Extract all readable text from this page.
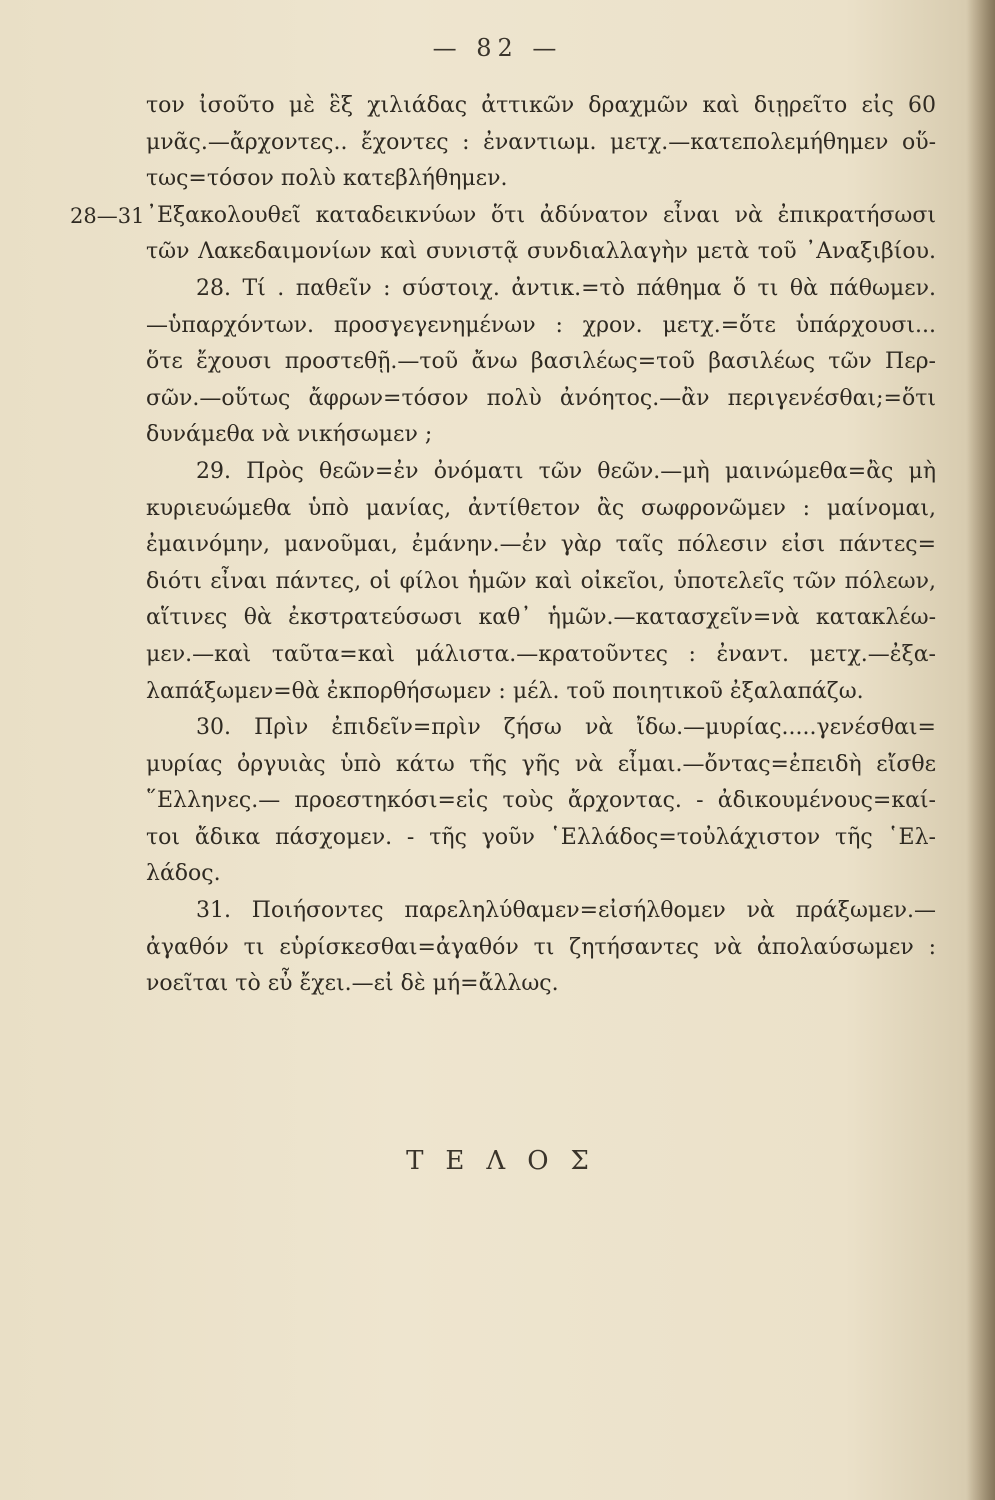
— 82 —
τον ἰσοῦτο μὲ ἓξ χιλιάδας ἀττικῶν δραχμῶν καὶ διῃρεῖτο εἰς 60
μνᾶς.—ἄρχοντες.. ἔχοντες : ἐναντιωμ. μετχ.—κατεπολεμήθημεν οὕ-
τως=τόσον πολὺ κατεβλήθημεν.
28—31 ᾿Εξακολουθεῖ καταδεικνύων ὅτι ἀδύνατον εἶναι νὰ ἐπικρατήσωσι
τῶν Λακεδαιμονίων καὶ συνιστᾷ συνδιαλλαγὴν μετὰ τοῦ ᾿Αναξιβίου.
28. Τί . παθεῖν : σύστοιχ. ἀντικ.=τὸ πάθημα ὅ τι θὰ πάθωμεν.
—ὑπαρχόντων. προσγεγενημένων : χρον. μετχ.=ὅτε ὑπάρχουσι...
ὅτε ἔχουσι προστεθῇ.—τοῦ ἄνω βασιλέως=τοῦ βασιλέως τῶν Περ-
σῶν.—οὕτως ἄφρων=τόσον πολὺ ἀνόητος.—ἂν περιγενέσθαι;=ὅτι
δυνάμεθα νὰ νικήσωμεν ;
29. Πρὸς θεῶν=ἐν ὀνόματι τῶν θεῶν.—μὴ μαινώμεθα=ἂς μὴ
κυριευώμεθα ὑπὸ μανίας, ἀντίθετον ἂς σωφρονῶμεν : μαίνομαι,
ἐμαινόμην, μανοῦμαι, ἐμάνην.—ἐν γὰρ ταῖς πόλεσιν εἰσι πάντες=
διότι εἶναι πάντες, οἱ φίλοι ἡμῶν καὶ οἰκεῖοι, ὑποτελεῖς τῶν πόλεων,
αἵτινες θὰ ἐκστρατεύσωσι καθ᾿ ἡμῶν.—κατασχεῖν=νὰ κατακλέω-
μεν.—καὶ ταῦτα=καὶ μάλιστα.—κρατοῦντες : ἐναντ. μετχ.—ἐξα-
λαπάξωμεν=θὰ ἐκπορθήσωμεν : μέλ. τοῦ ποιητικοῦ ἐξαλαπάζω.
30. Πρὶν ἐπιδεῖν=πρὶν ζήσω νὰ ἴδω.—μυρίας.....γενέσθαι=
μυρίας ὀργυιὰς ὑπὸ κάτω τῆς γῆς νὰ εἶμαι.—ὄντας=ἐπειδὴ εἴσθε
῞Ελληνες.— προεστηκόσι=εἰς τοὺς ἄρχοντας. - ἀδικουμένους=καί-
τοι ἄδικα πάσχομεν. - τῆς γοῦν ῾Ελλάδος=τοὐλάχιστον τῆς ῾Ελ-
λάδος.
31. Ποιήσοντες παρεληλύθαμεν=εἰσήλθομεν νὰ πράξωμεν.—
ἀγαθόν τι εὑρίσκεσθαι=ἀγαθόν τι ζητήσαντες νὰ ἀπολαύσωμεν :
νοεῖται τὸ εὖ ἔχει.—εἰ δὲ μή=ἄλλως.
ΤΕΛΟΣ
